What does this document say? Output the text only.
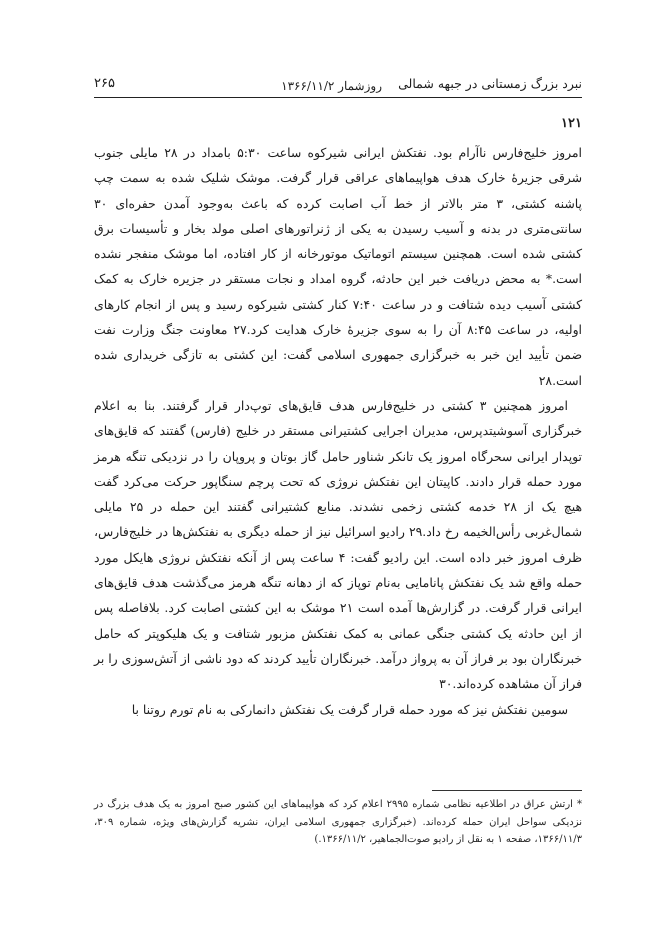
نبرد بزرگ زمستانی در جبهه شمالی
روزشمار ۱۳۶۶/۱۱/۲
۲۶۵
۱۲۱

امروز خلیج‌فارس ناآرام بود. نفتکش ایرانی شیرکوه ساعت ۵:۳۰ بامداد در ۲۸ مایلی جنوب شرقی جزیرهٔ خارک هدف هواپیماهای عراقی قرار گرفت. موشک شلیک شده به سمت چپ پاشنه کشتی، ۳ متر بالاتر از خط آب اصابت کرده که باعث به‌وجود آمدن حفره‌ای ۳۰ سانتی‌متری در بدنه و آسیب رسیدن به یکی از ژنراتورهای اصلی مولد بخار و تأسیسات برق کشتی شده است. همچنین سیستم اتوماتیک موتورخانه از کار افتاده، اما موشک منفجر نشده است.* به محض دریافت خبر این حادثه، گروه امداد و نجات مستقر در جزیره خارک به کمک کشتی آسیب دیده شتافت و در ساعت ۷:۴۰ کنار کشتی شیرکوه رسید و پس از انجام کارهای اولیه، در ساعت ۸:۴۵ آن را به سوی جزیرهٔ خارک هدایت کرد.۲۷ معاونت جنگ وزارت نفت ضمن تأیید این خبر به خبرگزاری جمهوری اسلامی گفت: این کشتی به تازگی خریداری شده است.۲۸

امروز همچنین ۳ کشتی در خلیج‌فارس هدف قایق‌های توپ‌دار قرار گرفتند. بنا به اعلام خبرگزاری آسوشیتدپرس، مدیران اجرایی کشتیرانی مستقر در خلیج (فارس) گفتند که قایق‌های توپدار ایرانی سحرگاه امروز یک تانکر شناور حامل گاز بوتان و پروپان را در نزدیکی تنگه هرمز مورد حمله قرار دادند. کاپیتان این نفتکش نروژی که تحت پرچم سنگاپور حرکت می‌کرد گفت هیچ یک از ۲۸ خدمه کشتی زخمی نشدند. منابع کشتیرانی گفتند این حمله در ۲۵ مایلی شمال‌غربی رأس‌الخیمه رخ داد.۲۹ رادیو اسرائیل نیز از حمله دیگری به نفتکش‌ها در خلیج‌فارس، ظرف امروز خبر داده است. این رادیو گفت: ۴ ساعت پس از آنکه نفتکش نروژی هایکل مورد حمله واقع شد یک نفتکش پانامایی به‌نام توپاز که از دهانه تنگه هرمز می‌گذشت هدف قایق‌های ایرانی قرار گرفت. در گزارش‌ها آمده است ۲۱ موشک به این کشتی اصابت کرد. بلافاصله پس از این حادثه یک کشتی جنگی عمانی به کمک نفتکش مزبور شتافت و یک هلیکوپتر که حامل خبرنگاران بود بر فراز آن به پرواز درآمد. خبرنگاران تأیید کردند که دود ناشی از آتش‌سوزی را بر فراز آن مشاهده کرده‌اند.۳۰

سومین نفتکش نیز که مورد حمله قرار گرفت یک نفتکش دانمارکی به نام تورم روتنا با

* ارتش عراق در اطلاعیه نظامی شماره ۲۹۹۵ اعلام کرد که هواپیماهای این کشور صبح امروز به یک هدف بزرگ در نزدیکی سواحل ایران حمله کرده‌اند. (خبرگزاری جمهوری اسلامی ایران، نشریه گزارش‌های ویژه، شماره ۳۰۹، ۱۳۶۶/۱۱/۳، صفحه ۱ به نقل از رادیو صوت‌الجماهیر، ۱۳۶۶/۱۱/۲.)
